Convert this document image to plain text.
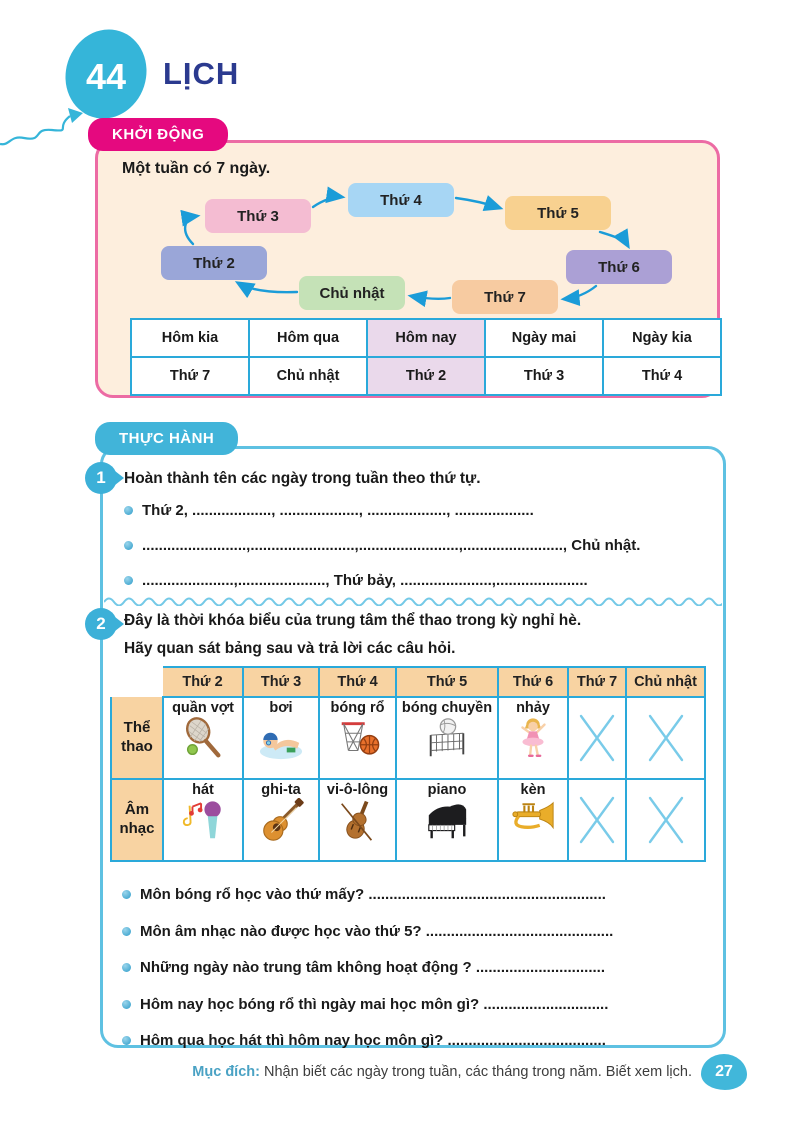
44	LỊCH
KHỞI ĐỘNG
Một tuần có 7 ngày.
Thứ 2
Thứ 3
Thứ 4
Thứ 5
Thứ 6
Thứ 7
Chủ nhật
Hôm kia	Hôm qua	Hôm nay	Ngày mai	Ngày kia
Thứ 7	Chủ nhật	Thứ 2	Thứ 3	Thứ 4
THỰC HÀNH
1	Hoàn thành tên các ngày trong tuần theo thứ tự.
Thứ 2, ..................., ..................., ..................., ...................
.........................,.........................,........................,........................, Chủ nhật.
......................,....................., Thứ bảy, ......................,......................
2	Đây là thời khóa biểu của trung tâm thể thao trong kỳ nghỉ hè.
Hãy quan sát bảng sau và trả lời các câu hỏi.
	Thứ 2	Thứ 3	Thứ 4	Thứ 5	Thứ 6	Thứ 7	Chủ nhật
Thể thao	quần vợt	bơi	bóng rổ	bóng chuyền	nhảy

Âm nhạc	hát	ghi-ta	vi-ô-lông	piano	kèn

Môn bóng rổ học vào thứ mấy? .........................................................
Môn âm nhạc nào được học vào thứ 5? .............................................
Những ngày nào trung tâm không hoạt động ? ...............................
Hôm nay học bóng rổ thì ngày mai học môn gì? ..............................
Hôm qua học hát thì hôm nay học môn gì? ......................................
Mục đích: Nhận biết các ngày trong tuần, các tháng trong năm. Biết xem lịch.	27
